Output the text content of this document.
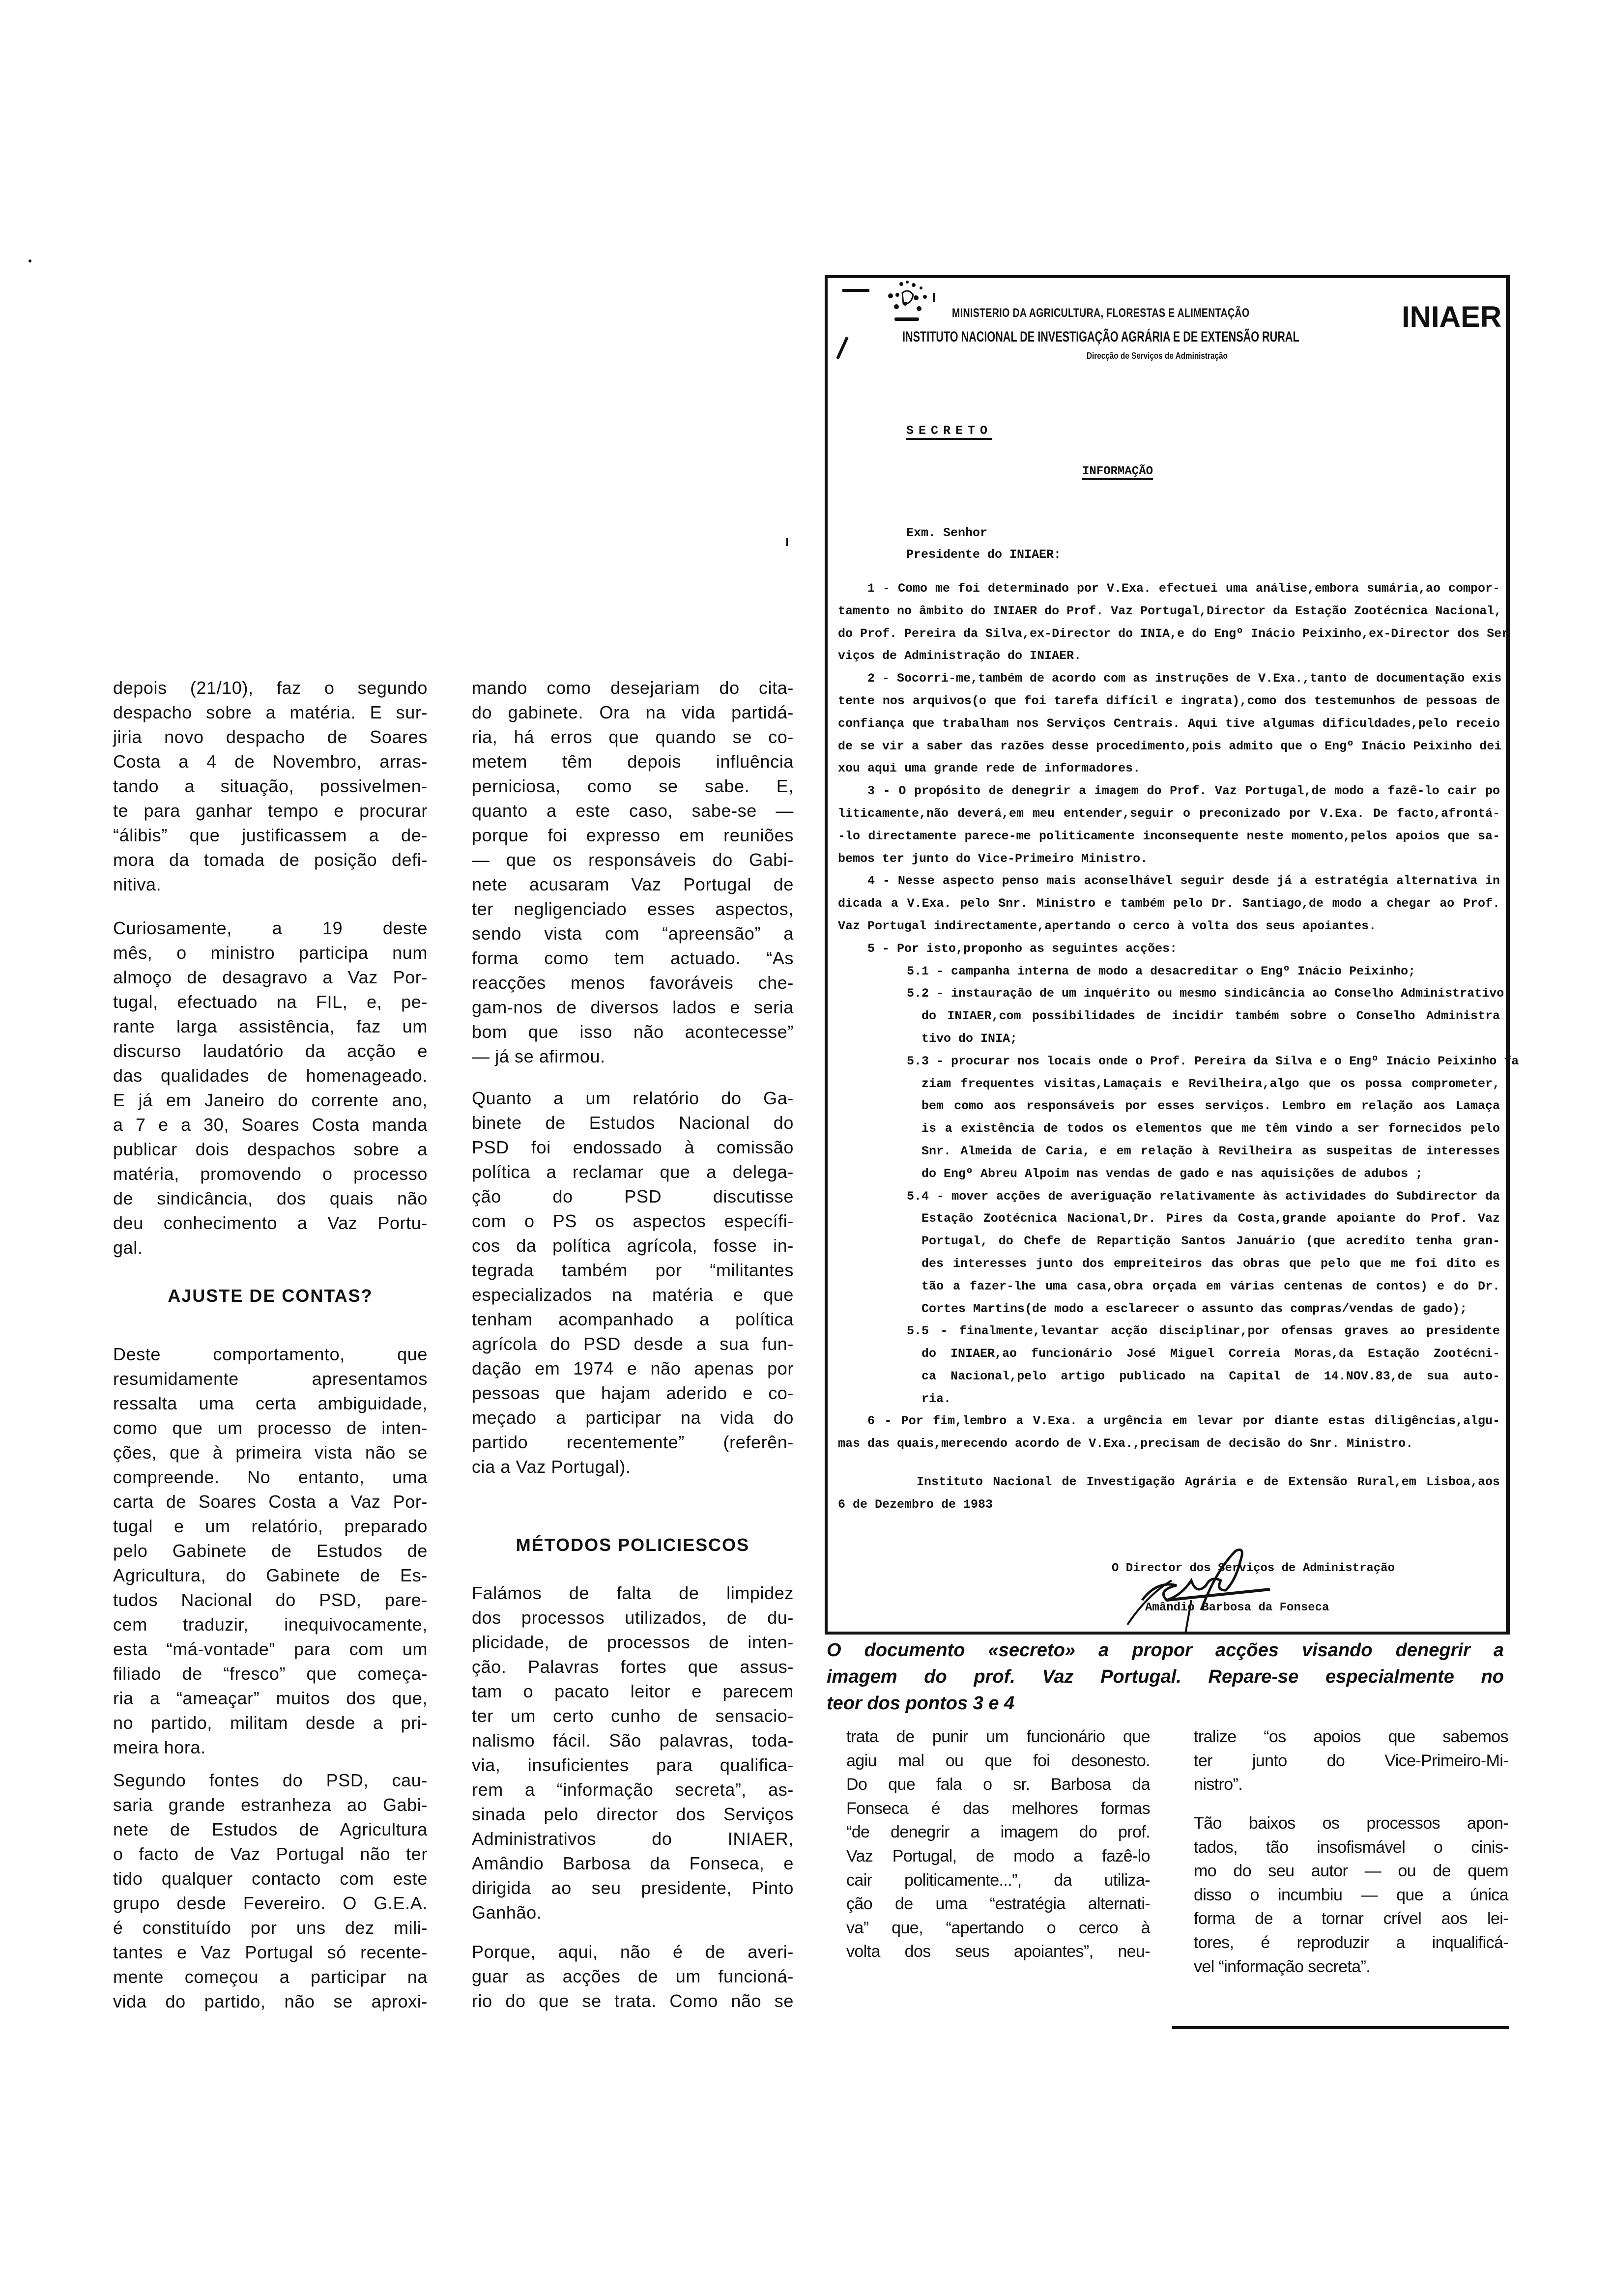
depois (21/10), faz o segundo
despacho sobre a matéria. E sur-
jiria novo despacho de Soares
Costa a 4 de Novembro, arras-
tando a situação, possivelmen-
te para ganhar tempo e procurar
“álibis” que justificassem a de-
mora da tomada de posição defi-
nitiva.
Curiosamente, a 19 deste
mês, o ministro participa num
almoço de desagravo a Vaz Por-
tugal, efectuado na FIL, e, pe-
rante larga assistência, faz um
discurso laudatório da acção e
das qualidades de homenageado.
E já em Janeiro do corrente ano,
a 7 e a 30, Soares Costa manda
publicar dois despachos sobre a
matéria, promovendo o processo
de sindicância, dos quais não
deu conhecimento a Vaz Portu-
gal.
AJUSTE DE CONTAS?
Deste comportamento, que
resumidamente apresentamos
ressalta uma certa ambiguidade,
como que um processo de inten-
ções, que à primeira vista não se
compreende. No entanto, uma
carta de Soares Costa a Vaz Por-
tugal e um relatório, preparado
pelo Gabinete de Estudos de
Agricultura, do Gabinete de Es-
tudos Nacional do PSD, pare-
cem traduzir, inequivocamente,
esta “má-vontade” para com um
filiado de “fresco” que começa-
ria a “ameaçar” muitos dos que,
no partido, militam desde a pri-
meira hora.
Segundo fontes do PSD, cau-
saria grande estranheza ao Gabi-
nete de Estudos de Agricultura
o facto de Vaz Portugal não ter
tido qualquer contacto com este
grupo desde Fevereiro. O G.E.A.
é constituído por uns dez mili-
tantes e Vaz Portugal só recente-
mente começou a participar na
vida do partido, não se aproxi-
mando como desejariam do cita-
do gabinete. Ora na vida partidá-
ria, há erros que quando se co-
metem têm depois influência
perniciosa, como se sabe. E,
quanto a este caso, sabe-se —
porque foi expresso em reuniões
— que os responsáveis do Gabi-
nete acusaram Vaz Portugal de
ter negligenciado esses aspectos,
sendo vista com “apreensão” a
forma como tem actuado. “As
reacções menos favoráveis che-
gam-nos de diversos lados e seria
bom que isso não acontecesse”
— já se afirmou.
Quanto a um relatório do Ga-
binete de Estudos Nacional do
PSD foi endossado à comissão
política a reclamar que a delega-
ção do PSD discutisse
com o PS os aspectos específi-
cos da política agrícola, fosse in-
tegrada também por “militantes
especializados na matéria e que
tenham acompanhado a política
agrícola do PSD desde a sua fun-
dação em 1974 e não apenas por
pessoas que hajam aderido e co-
meçado a participar na vida do
partido recentemente” (referên-
cia a Vaz Portugal).
MÉTODOS POLICIESCOS
Falámos de falta de limpidez
dos processos utilizados, de du-
plicidade, de processos de inten-
ção. Palavras fortes que assus-
tam o pacato leitor e parecem
ter um certo cunho de sensacio-
nalismo fácil. São palavras, toda-
via, insuficientes para qualifica-
rem a “informação secreta”, as-
sinada pelo director dos Serviços
Administrativos do INIAER,
Amândio Barbosa da Fonseca, e
dirigida ao seu presidente, Pinto
Ganhão.
Porque, aqui, não é de averi-
guar as acções de um funcioná-
rio do que se trata. Como não se
MINISTERIO DA AGRICULTURA, FLORESTAS E ALIMENTAÇÃO	INIAER
INSTITUTO NACIONAL DE INVESTIGAÇÃO AGRÁRIA E DE EXTENSÃO RURAL
Direcção de Serviços de Administração
SECRETO
INFORMAÇÃO
Exm. Senhor
Presidente do INIAER:
1 - Como me foi determinado por V.Exa. efectuei uma análise,embora sumária,ao compor-
tamento no âmbito do INIAER do Prof. Vaz Portugal,Director da Estação Zootécnica Nacional,
do Prof. Pereira da Silva,ex-Director do INIA,e do Engº Inácio Peixinho,ex-Director dos Ser
viços de Administração do INIAER.
2 - Socorri-me,também de acordo com as instruções de V.Exa.,tanto de documentação exis
tente nos arquivos(o que foi tarefa difícil e ingrata),como dos testemunhos de pessoas de
confiança que trabalham nos Serviços Centrais. Aqui tive algumas dificuldades,pelo receio
de se vir a saber das razões desse procedimento,pois admito que o Engº Inácio Peixinho dei
xou aqui uma grande rede de informadores.
3 - O propósito de denegrir a imagem do Prof. Vaz Portugal,de modo a fazê-lo cair po
liticamente,não deverá,em meu entender,seguir o preconizado por V.Exa. De facto,afrontá-
-lo directamente parece-me politicamente inconsequente neste momento,pelos apoios que sa-
bemos ter junto do Vice-Primeiro Ministro.
4 - Nesse aspecto penso mais aconselhável seguir desde já a estratégia alternativa in
dicada a V.Exa. pelo Snr. Ministro e também pelo Dr. Santiago,de modo a chegar ao Prof.
Vaz Portugal indirectamente,apertando o cerco à volta dos seus apoiantes.
5 - Por isto,proponho as seguintes acções:
5.1 - campanha interna de modo a desacreditar o Engº Inácio Peixinho;
5.2 - instauração de um inquérito ou mesmo sindicância ao Conselho Administrativo
do INIAER,com possibilidades de incidir também sobre o Conselho Administra
tivo do INIA;
5.3 - procurar nos locais onde o Prof. Pereira da Silva e o Engº Inácio Peixinho fa
ziam frequentes visitas,Lamaçais e Revilheira,algo que os possa comprometer,
bem como aos responsáveis por esses serviços. Lembro em relação aos Lamaça
is a existência de todos os elementos que me têm vindo a ser fornecidos pelo
Snr. Almeida de Caria, e em relação à Revilheira as suspeitas de interesses
do Engº Abreu Alpoim nas vendas de gado e nas aquisições de adubos ;
5.4 - mover acções de averiguação relativamente às actividades do Subdirector da
Estação Zootécnica Nacional,Dr. Pires da Costa,grande apoiante do Prof. Vaz
Portugal, do Chefe de Repartição Santos Januário (que acredito tenha gran-
des interesses junto dos empreiteiros das obras que pelo que me foi dito es
tão a fazer-lhe uma casa,obra orçada em várias centenas de contos) e do Dr.
Cortes Martins(de modo a esclarecer o assunto das compras/vendas de gado);
5.5 - finalmente,levantar acção disciplinar,por ofensas graves ao presidente
do INIAER,ao funcionário José Miguel Correia Moras,da Estação Zootécni-
ca Nacional,pelo artigo publicado na Capital de 14.NOV.83,de sua auto-
ria.
6 - Por fim,lembro a V.Exa. a urgência em levar por diante estas diligências,algu-
mas das quais,merecendo acordo de V.Exa.,precisam de decisão do Snr. Ministro.
Instituto Nacional de Investigação Agrária e de Extensão Rural,em Lisboa,aos
6 de Dezembro de 1983
O Director dos Serviços de Administração
Amândio Barbosa da Fonseca
O documento «secreto» a propor acções visando denegrir a
imagem do prof. Vaz Portugal. Repare-se especialmente no
teor dos pontos 3 e 4
trata de punir um funcionário que
agiu mal ou que foi desonesto.
Do que fala o sr. Barbosa da
Fonseca é das melhores formas
“de denegrir a imagem do prof.
Vaz Portugal, de modo a fazê-lo
cair politicamente...”, da utiliza-
ção de uma “estratégia alternati-
va” que, “apertando o cerco à
volta dos seus apoiantes”, neu-
tralize “os apoios que sabemos
ter junto do Vice-Primeiro-Mi-
nistro”.
Tão baixos os processos apon-
tados, tão insofismável o cinis-
mo do seu autor — ou de quem
disso o incumbiu — que a única
forma de a tornar crível aos lei-
tores, é reproduzir a inqualificá-
vel “informação secreta”.
